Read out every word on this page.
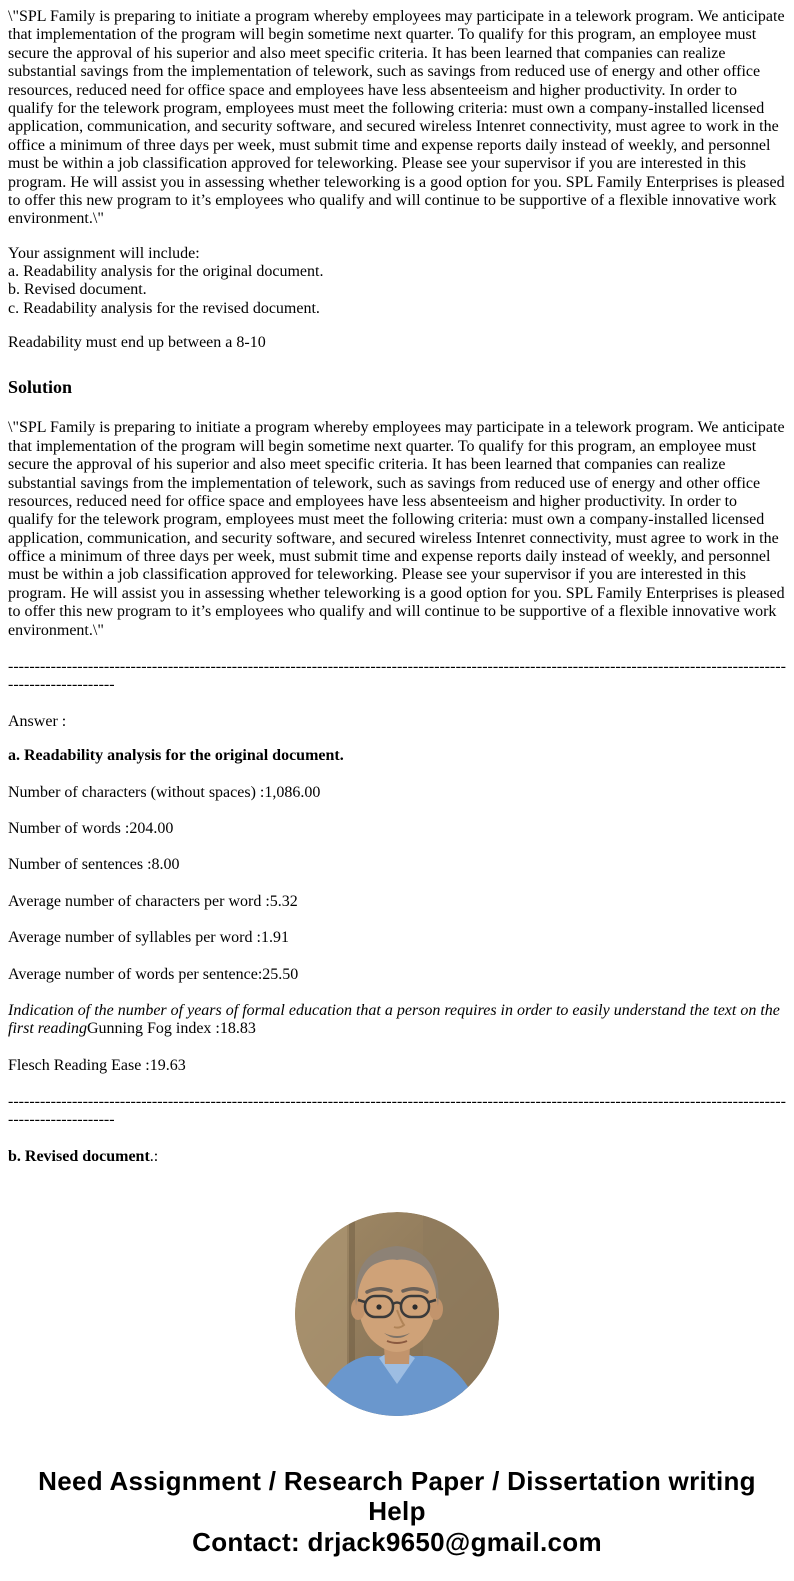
\"SPL Family is preparing to initiate a program whereby employees may participate in a telework program. We anticipate that implementation of the program will begin sometime next quarter. To qualify for this program, an employee must secure the approval of his superior and also meet specific criteria. It has been learned that companies can realize substantial savings from the implementation of telework, such as savings from reduced use of energy and other office resources, reduced need for office space and employees have less absenteeism and higher productivity. In order to qualify for the telework program, employees must meet the following criteria: must own a company-installed licensed application, communication, and security software, and secured wireless Intenret connectivity, must agree to work in the office a minimum of three days per week, must submit time and expense reports daily instead of weekly, and personnel must be within a job classification approved for teleworking. Please see your supervisor if you are interested in this program. He will assist you in assessing whether teleworking is a good option for you. SPL Family Enterprises is pleased to offer this new program to it’s employees who qualify and will continue to be supportive of a flexible innovative work environment.\"

Your assignment will include:
a. Readability analysis for the original document.
b. Revised document.
c. Readability analysis for the revised document.

Readability must end up between a 8-10

Solution

\"SPL Family is preparing to initiate a program whereby employees may participate in a telework program. We anticipate that implementation of the program will begin sometime next quarter. To qualify for this program, an employee must secure the approval of his superior and also meet specific criteria. It has been learned that companies can realize substantial savings from the implementation of telework, such as savings from reduced use of energy and other office resources, reduced need for office space and employees have less absenteeism and higher productivity. In order to qualify for the telework program, employees must meet the following criteria: must own a company-installed licensed application, communication, and security software, and secured wireless Intenret connectivity, must agree to work in the office a minimum of three days per week, must submit time and expense reports daily instead of weekly, and personnel must be within a job classification approved for teleworking. Please see your supervisor if you are interested in this program. He will assist you in assessing whether teleworking is a good option for you. SPL Family Enterprises is pleased to offer this new program to it’s employees who qualify and will continue to be supportive of a flexible innovative work environment.\"

----------------------------------------------------------------------------------------------------------------------------------------------------------------------

Answer :

a. Readability analysis for the original document.

Number of characters (without spaces) :1,086.00

Number of words :204.00

Number of sentences :8.00

Average number of characters per word :5.32

Average number of syllables per word :1.91

Average number of words per sentence:25.50

Indication of the number of years of formal education that a person requires in order to easily understand the text on the first readingGunning Fog index :18.83

Flesch Reading Ease :19.63

----------------------------------------------------------------------------------------------------------------------------------------------------------------------

b. Revised document.:

Need Assignment / Research Paper / Dissertation writing Help
Contact: drjack9650@gmail.com
